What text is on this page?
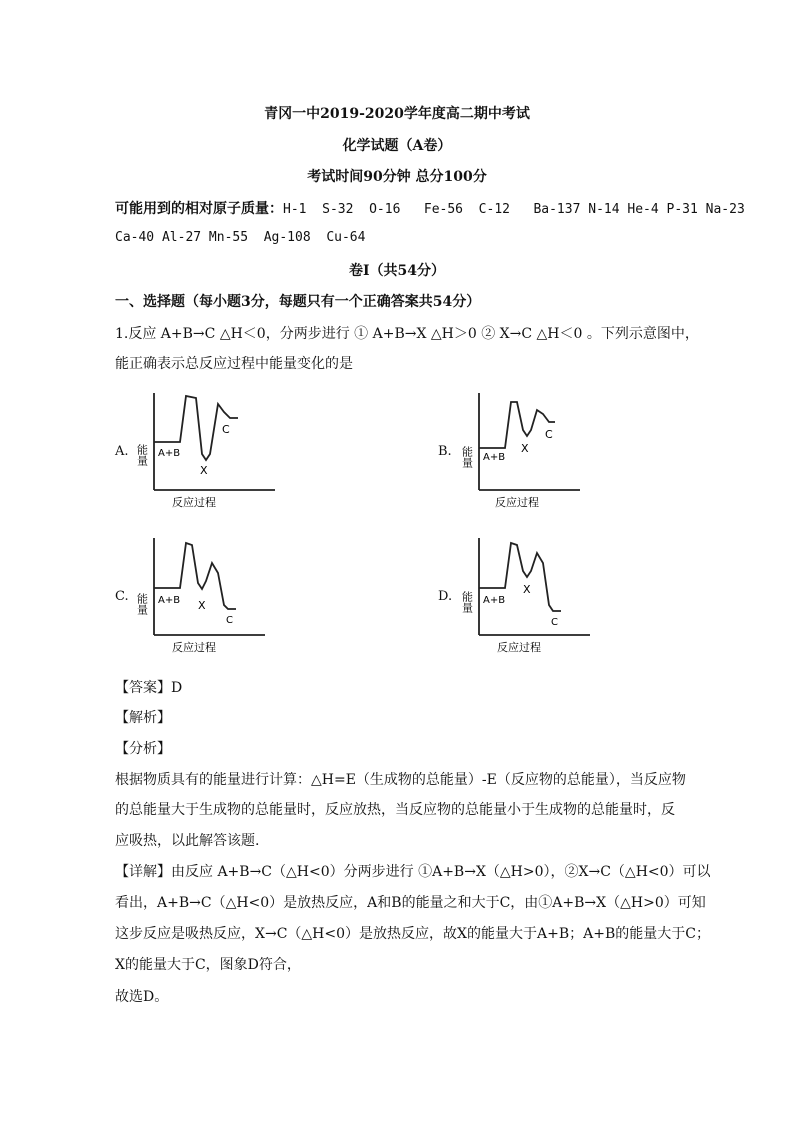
青冈一中2019-2020学年度高二期中考试
化学试题（A卷）
考试时间90分钟 总分100分
可能用到的相对原子质量：H-1  S-32  O-16   Fe-56  C-12   Ba-137 N-14 He-4 P-31 Na-23
Ca-40 Al-27 Mn-55  Ag-108  Cu-64
卷Ⅰ（共54分）
一、选择题（每小题3分，每题只有一个正确答案共54分）
1.反应 A+B→C △H＜0，分两步进行 ① A+B→X △H＞0 ② X→C △H＜0 。下列示意图中，
能正确表示总反应过程中能量变化的是
A. 能量 A+B
X
C
反应过程
B. 能量 A+B
X
C
反应过程
C. 能量 A+B X
C
反应过程
D. 能量 A+B
X
C
反应过程
【答案】D
【解析】
【分析】
根据物质具有的能量进行计算：△H=E（生成物的总能量）-E（反应物的总能量），当反应物
的总能量大于生成物的总能量时，反应放热，当反应物的总能量小于生成物的总能量时，反
应吸热，以此解答该题.
【详解】由反应 A+B→C（△H<0）分两步进行 ①A+B→X（△H>0），②X→C（△H<0）可以
看出，A+B→C（△H<0）是放热反应，A和B的能量之和大于C，由①A+B→X（△H>0）可知
这步反应是吸热反应，X→C（△H<0）是放热反应，故X的能量大于A+B；A+B的能量大于C；
X的能量大于C，图象D符合，
故选D。
